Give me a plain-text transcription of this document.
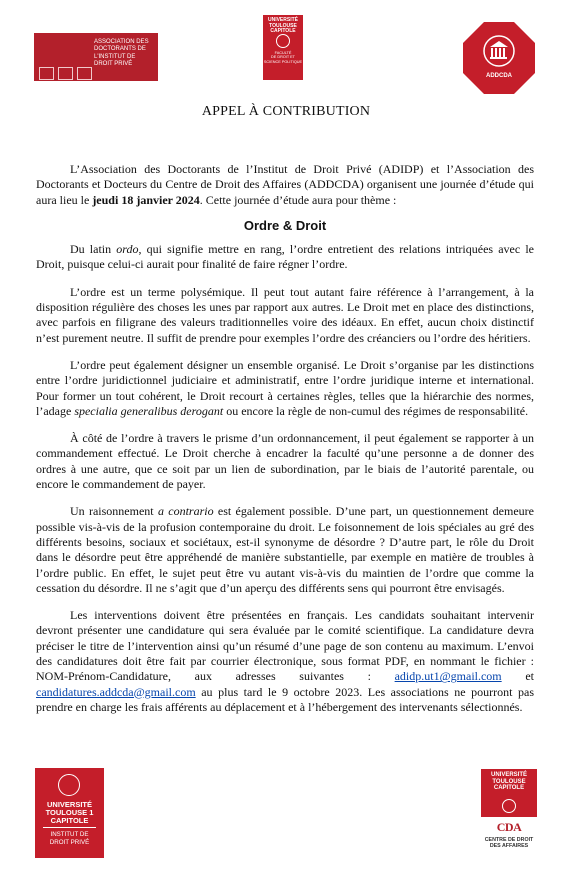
ASSOCIATION DES
DOCTORANTS DE
L'INSTITUT DE
DROIT PRIVÉ
UNIVERSITÉ
TOULOUSE
CAPITOLE
FACULTÉ
DE DROIT ET
SCIENCE POLITIQUE
ADDCDA
APPEL À CONTRIBUTION

L’Association des Doctorants de l’Institut de Droit Privé (ADIDP) et l’Association des Doctorants et Docteurs du Centre de Droit des Affaires (ADDCDA) organisent une journée d’étude qui aura lieu le jeudi 18 janvier 2024. Cette journée d’étude aura pour thème :

Ordre & Droit

Du latin ordo, qui signifie mettre en rang, l’ordre entretient des relations intriquées avec le Droit, puisque celui-ci aurait pour finalité de faire régner l’ordre.

L’ordre est un terme polysémique. Il peut tout autant faire référence à l’arrangement, à la disposition régulière des choses les unes par rapport aux autres. Le Droit met en place des distinctions, avec parfois en filigrane des valeurs traditionnelles voire des idéaux. En effet, aucun choix distinctif n’est purement neutre. Il suffit de prendre pour exemples l’ordre des créanciers ou l’ordre des héritiers.

L’ordre peut également désigner un ensemble organisé. Le Droit s’organise par les distinctions entre l’ordre juridictionnel judiciaire et administratif, entre l’ordre juridique interne et international. Pour former un tout cohérent, le Droit recourt à certaines règles, telles que la hiérarchie des normes, l’adage specialia generalibus derogant ou encore la règle de non-cumul des régimes de responsabilité.

À côté de l’ordre à travers le prisme d’un ordonnancement, il peut également se rapporter à un commandement effectué. Le Droit cherche à encadrer la faculté qu’une personne a de donner des ordres à une autre, que ce soit par un lien de subordination, par le biais de l’autorité parentale, ou encore le commandement de payer.

Un raisonnement a contrario est également possible. D’une part, un questionnement demeure possible vis-à-vis de la profusion contemporaine du droit. Le foisonnement de lois spéciales au gré des différents besoins, sociaux et sociétaux, est-il synonyme de désordre ? D’autre part, le rôle du Droit dans le désordre peut être appréhendé de manière substantielle, par exemple en matière de troubles à l’ordre public. En effet, le sujet peut être vu autant vis-à-vis du maintien de l’ordre que comme la cessation du désordre. Il ne s’agit que d’un aperçu des différents sens qui pourront être envisagés.

Les interventions doivent être présentées en français. Les candidats souhaitant intervenir devront présenter une candidature qui sera évaluée par le comité scientifique. La candidature devra préciser le titre de l’intervention ainsi qu’un résumé d’une page de son contenu au maximum. L’envoi des candidatures doit être fait par courrier électronique, sous format PDF, en nommant le fichier : NOM-Prénom-Candidature, aux adresses suivantes : adidp.ut1@gmail.com et candidatures.addcda@gmail.com au plus tard le 9 octobre 2023. Les associations ne pourront pas prendre en charge les frais afférents au déplacement et à l’hébergement des intervenants sélectionnés.

UNIVERSITÉ
TOULOUSE 1
CAPITOLE
INSTITUT DE
DROIT PRIVÉ
UNIVERSITÉ
TOULOUSE
CAPITOLE
CDA
CENTRE DE DROIT
DES AFFAIRES
